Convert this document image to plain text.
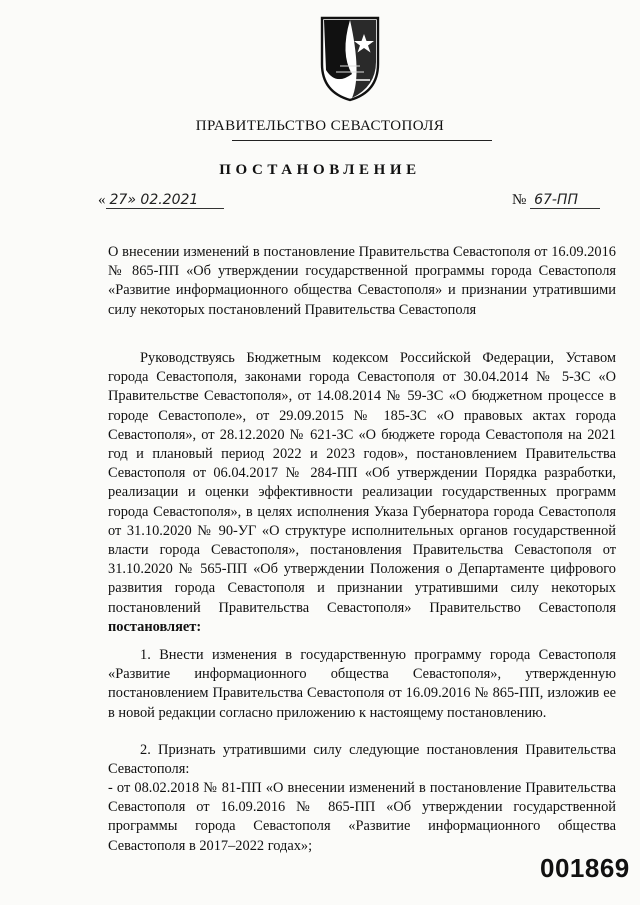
ПРАВИТЕЛЬСТВО СЕВАСТОПОЛЯ
ПОСТАНОВЛЕНИЕ
« 27» 02.2021	№ 67-ПП

О внесении изменений в постановление Правительства Севастополя от 16.09.2016 № 865-ПП «Об утверждении государственной программы города Севастополя «Развитие информационного общества Севастополя» и признании утратившими силу некоторых постановлений Правительства Севастополя

Руководствуясь Бюджетным кодексом Российской Федерации, Уставом города Севастополя, законами города Севастополя от 30.04.2014 № 5-ЗС «О Правительстве Севастополя», от 14.08.2014 № 59-ЗС «О бюджетном процессе в городе Севастополе», от 29.09.2015 № 185-ЗС «О правовых актах города Севастополя», от 28.12.2020 № 621-ЗС «О бюджете города Севастополя на 2021 год и плановый период 2022 и 2023 годов», постановлением Правительства Севастополя от 06.04.2017 № 284-ПП «Об утверждении Порядка разработки, реализации и оценки эффективности реализации государственных программ города Севастополя», в целях исполнения Указа Губернатора города Севастополя от 31.10.2020 № 90-УГ «О структуре исполнительных органов государственной власти города Севастополя», постановления Правительства Севастополя от 31.10.2020 № 565-ПП «Об утверждении Положения о Департаменте цифрового развития города Севастополя и признании утратившими силу некоторых постановлений Правительства Севастополя» Правительство Севастополя постановляет:

1. Внести изменения в государственную программу города Севастополя «Развитие информационного общества Севастополя», утвержденную постановлением Правительства Севастополя от 16.09.2016 № 865-ПП, изложив ее в новой редакции согласно приложению к настоящему постановлению.

2. Признать утратившими силу следующие постановления Правительства Севастополя:

- от 08.02.2018 № 81-ПП «О внесении изменений в постановление Правительства Севастополя от 16.09.2016 № 865-ПП «Об утверждении государственной программы города Севастополя «Развитие информационного общества Севастополя в 2017–2022 годах»;

001869
